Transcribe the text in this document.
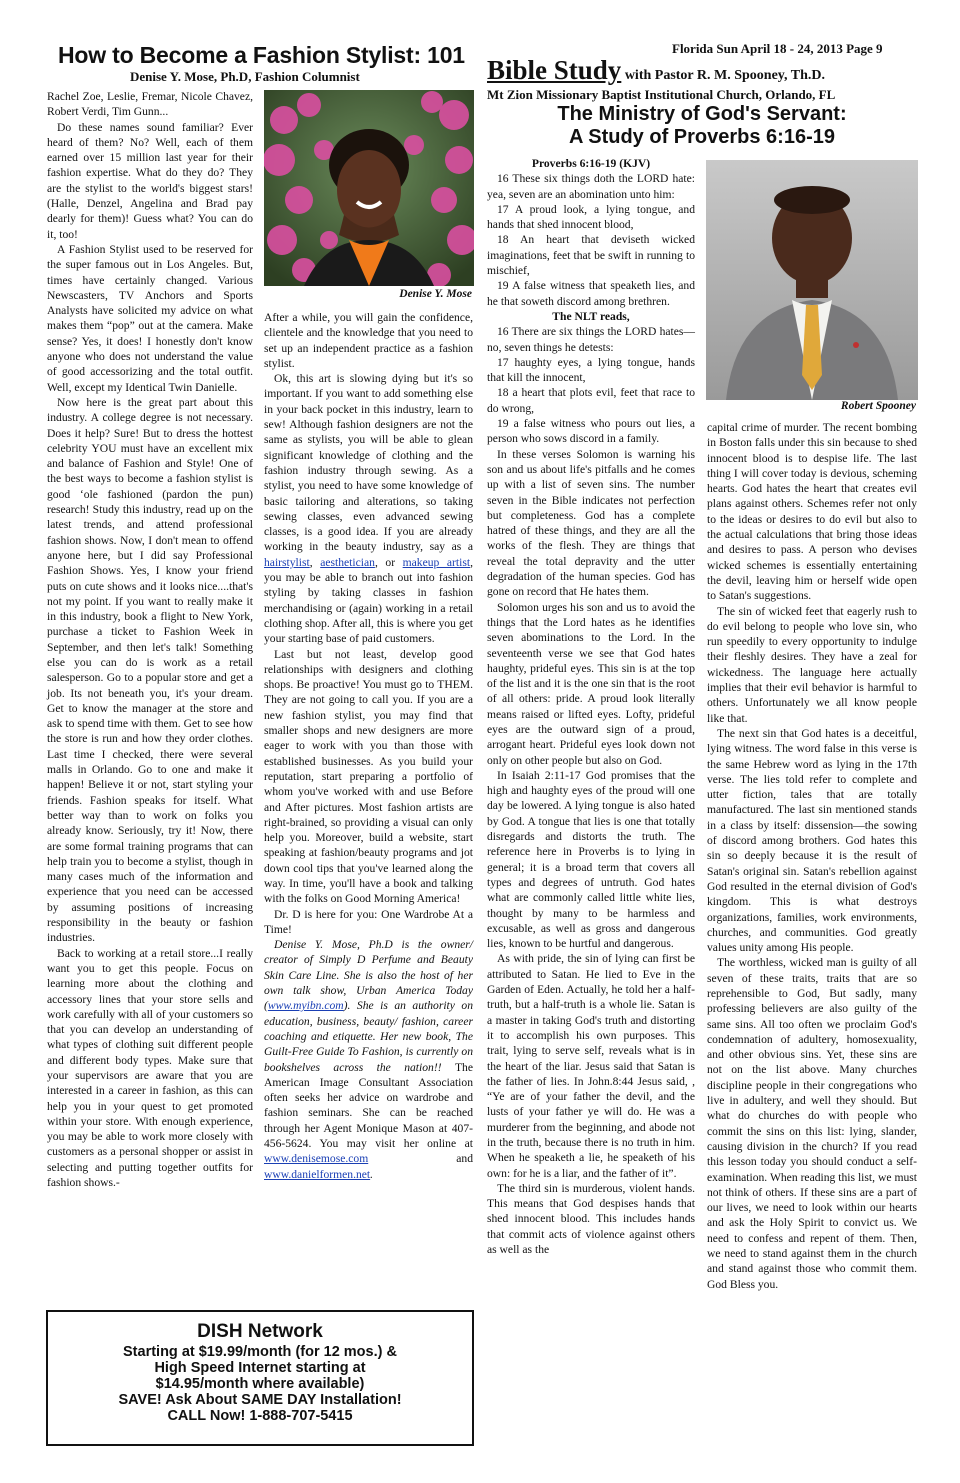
Florida Sun April 18 - 24, 2013 Page 9
How to Become a Fashion Stylist: 101
Denise Y. Mose, Ph.D, Fashion Columnist

Rachel Zoe, Leslie, Fremar, Nicole Chavez, Robert Verdi, Tim Gunn...

Do these names sound familiar? Ever heard of them? No? Well, each of them earned over 15 million last year for their fashion expertise. What do they do? They are the stylist to the world's biggest stars! (Halle, Denzel, Angelina and Brad pay dearly for them)! Guess what? You can do it, too!

A Fashion Stylist used to be reserved for the super famous out in Los Angeles. But, times have certainly changed. Various Newscasters, TV Anchors and Sports Analysts have solicited my advice on what makes them “pop” out at the camera. Make sense? Yes, it does! I honestly don't know anyone who does not understand the value of good accessorizing and the total outfit. Well, except my Identical Twin Danielle.

Now here is the great part about this industry. A college degree is not necessary. Does it help? Sure! But to dress the hottest celebrity YOU must have an excellent mix and balance of Fashion and Style! One of the best ways to become a fashion stylist is good ‘ole fashioned (pardon the pun) research! Study this industry, read up on the latest trends, and attend professional fashion shows. Now, I don't mean to offend anyone here, but I did say Professional Fashion Shows. Yes, I know your friend puts on cute shows and it looks nice....that's not my point. If you want to really make it in this industry, book a flight to New York, purchase a ticket to Fashion Week in September, and then let's talk! Something else you can do is work as a retail salesperson. Go to a popular store and get a job. Its not beneath you, it's your dream. Get to know the manager at the store and ask to spend time with them. Get to see how the store is run and how they order clothes. Last time I checked, there were several malls in Orlando. Go to one and make it happen! Believe it or not, start styling your friends. Fashion speaks for itself. What better way than to work on folks you already know. Seriously, try it! Now, there are some formal training programs that can help train you to become a stylist, though in many cases much of the information and experience that you need can be accessed by assuming positions of increasing responsibility in the beauty or fashion industries.

Back to working at a retail store...I really want you to get this people. Focus on learning more about the clothing and accessory lines that your store sells and work carefully with all of your customers so that you can develop an understanding of what types of clothing suit different people and different body types. Make sure that your supervisors are aware that you are interested in a career in fashion, as this can help you in your quest to get promoted within your store. With enough experience, you may be able to work more closely with customers as a personal shopper or assist in selecting and putting together outfits for fashion shows.-

Denise Y. Mose

After a while, you will gain the confidence, clientele and the knowledge that you need to set up an independent practice as a fashion stylist.

Ok, this art is slowing dying but it's so important. If you want to add something else in your back pocket in this industry, learn to sew! Although fashion designers are not the same as stylists, you will be able to glean significant knowledge of clothing and the fashion industry through sewing. As a stylist, you need to have some knowledge of basic tailoring and alterations, so taking sewing classes, even advanced sewing classes, is a good idea. If you are already working in the beauty industry, say as a hairstylist, aesthetician, or makeup artist, you may be able to branch out into fashion styling by taking classes in fashion merchandising or (again) working in a retail clothing shop. After all, this is where you get your starting base of paid customers.

Last but not least, develop good relationships with designers and clothing shops. Be proactive! You must go to THEM. They are not going to call you. If you are a new fashion stylist, you may find that smaller shops and new designers are more eager to work with you than those with established businesses. As you build your reputation, start preparing a portfolio of whom you've worked with and use Before and After pictures. Most fashion artists are right-brained, so providing a visual can only help you. Moreover, build a website, start speaking at fashion/beauty programs and jot down cool tips that you've learned along the way. In time, you'll have a book and talking with the folks on Good Morning America!

Dr. D is here for you: One Wardrobe At a Time!

Denise Y. Mose, Ph.D is the owner/ creator of Simply D Perfume and Beauty Skin Care Line. She is also the host of her own talk show, Urban America Today (www.myibn.com). She is an authority on education, business, beauty/ fashion, career coaching and etiquette. Her new book, The Guilt-Free Guide To Fashion, is currently on bookshelves across the nation!! The American Image Consultant Association often seeks her advice on wardrobe and fashion seminars. She can be reached through her Agent Monique Mason at 407-456-5624. You may visit her online at www.denisemose.com and www.danielformen.net.

DISH Network
Starting at $19.99/month (for 12 mos.) &
High Speed Internet starting at
$14.95/month where available)
SAVE! Ask About SAME DAY Installation!
CALL Now! 1-888-707-5415
Bible Study with Pastor R. M. Spooney, Th.D.
Mt Zion Missionary Baptist Institutional Church, Orlando, FL
The Ministry of God's Servant:
A Study of Proverbs 6:16-19

Proverbs 6:16-19 (KJV)

16 These six things doth the LORD hate: yea, seven are an abomination unto him:

17 A proud look, a lying tongue, and hands that shed innocent blood,

18 An heart that deviseth wicked imaginations, feet that be swift in running to mischief,

19 A false witness that speaketh lies, and he that soweth discord among brethren.

The NLT reads,

16 There are six things the LORD hates— no, seven things he detests:

17 haughty eyes, a lying tongue, hands that kill the innocent,

18 a heart that plots evil, feet that race to do wrong,

19 a false witness who pours out lies, a person who sows discord in a family.

In these verses Solomon is warning his son and us about life's pitfalls and he comes up with a list of seven sins. The number seven in the Bible indicates not perfection but completeness. God has a complete hatred of these things, and they are all the works of the flesh. They are things that reveal the total depravity and the utter degradation of the human species. God has gone on record that He hates them.

Solomon urges his son and us to avoid the things that the Lord hates as he identifies seven abominations to the Lord. In the seventeenth verse we see that God hates haughty, prideful eyes. This sin is at the top of the list and it is the one sin that is the root of all others: pride. A proud look literally means raised or lifted eyes. Lofty, prideful eyes are the outward sign of a proud, arrogant heart. Prideful eyes look down not only on other people but also on God.

In Isaiah 2:11-17 God promises that the high and haughty eyes of the proud will one day be lowered. A lying tongue is also hated by God. A tongue that lies is one that totally disregards and distorts the truth. The reference here in Proverbs is to lying in general; it is a broad term that covers all types and degrees of untruth. God hates what are commonly called little white lies, thought by many to be harmless and excusable, as well as gross and dangerous lies, known to be hurtful and dangerous.

As with pride, the sin of lying can first be attributed to Satan. He lied to Eve in the Garden of Eden. Actually, he told her a half-truth, but a half-truth is a whole lie. Satan is a master in taking God's truth and distorting it to accomplish his own purposes. This trait, lying to serve self, reveals what is in the heart of the liar. Jesus said that Satan is the father of lies. In John.8:44 Jesus said, , “Ye are of your father the devil, and the lusts of your father ye will do. He was a murderer from the beginning, and abode not in the truth, because there is no truth in him. When he speaketh a lie, he speaketh of his own: for he is a liar, and the father of it”.

The third sin is murderous, violent hands. This means that God despises hands that shed innocent blood. This includes hands that commit acts of violence against others as well as the

Robert Spooney

capital crime of murder. The recent bombing in Boston falls under this sin because to shed innocent blood is to despise life. The last thing I will cover today is devious, scheming hearts. God hates the heart that creates evil plans against others. Schemes refer not only to the ideas or desires to do evil but also to the actual calculations that bring those ideas and desires to pass. A person who devises wicked schemes is essentially entertaining the devil, leaving him or herself wide open to Satan's suggestions.

The sin of wicked feet that eagerly rush to do evil belong to people who love sin, who run speedily to every opportunity to indulge their fleshly desires. They have a zeal for wickedness. The language here actually implies that their evil behavior is harmful to others. Unfortunately we all know people like that.

The next sin that God hates is a deceitful, lying witness. The word false in this verse is the same Hebrew word as lying in the 17th verse. The lies told refer to complete and utter fiction, tales that are totally manufactured. The last sin mentioned stands in a class by itself: dissension—the sowing of discord among brothers. God hates this sin so deeply because it is the result of Satan's original sin. Satan's rebellion against God resulted in the eternal division of God's kingdom. This is what destroys organizations, families, work environments, churches, and communities. God greatly values unity among His people.

The worthless, wicked man is guilty of all seven of these traits, traits that are so reprehensible to God, But sadly, many professing believers are also guilty of the same sins. All too often we proclaim God's condemnation of adultery, homosexuality, and other obvious sins. Yet, these sins are not on the list above. Many churches discipline people in their congregations who live in adultery, and well they should. But what do churches do with people who commit the sins on this list: lying, slander, causing division in the church? If you read this lesson today you should conduct a self-examination. When reading this list, we must not think of others. If these sins are a part of our lives, we need to look within our hearts and ask the Holy Spirit to convict us. We need to confess and repent of them. Then, we need to stand against them in the church and stand against those who commit them. God Bless you.
